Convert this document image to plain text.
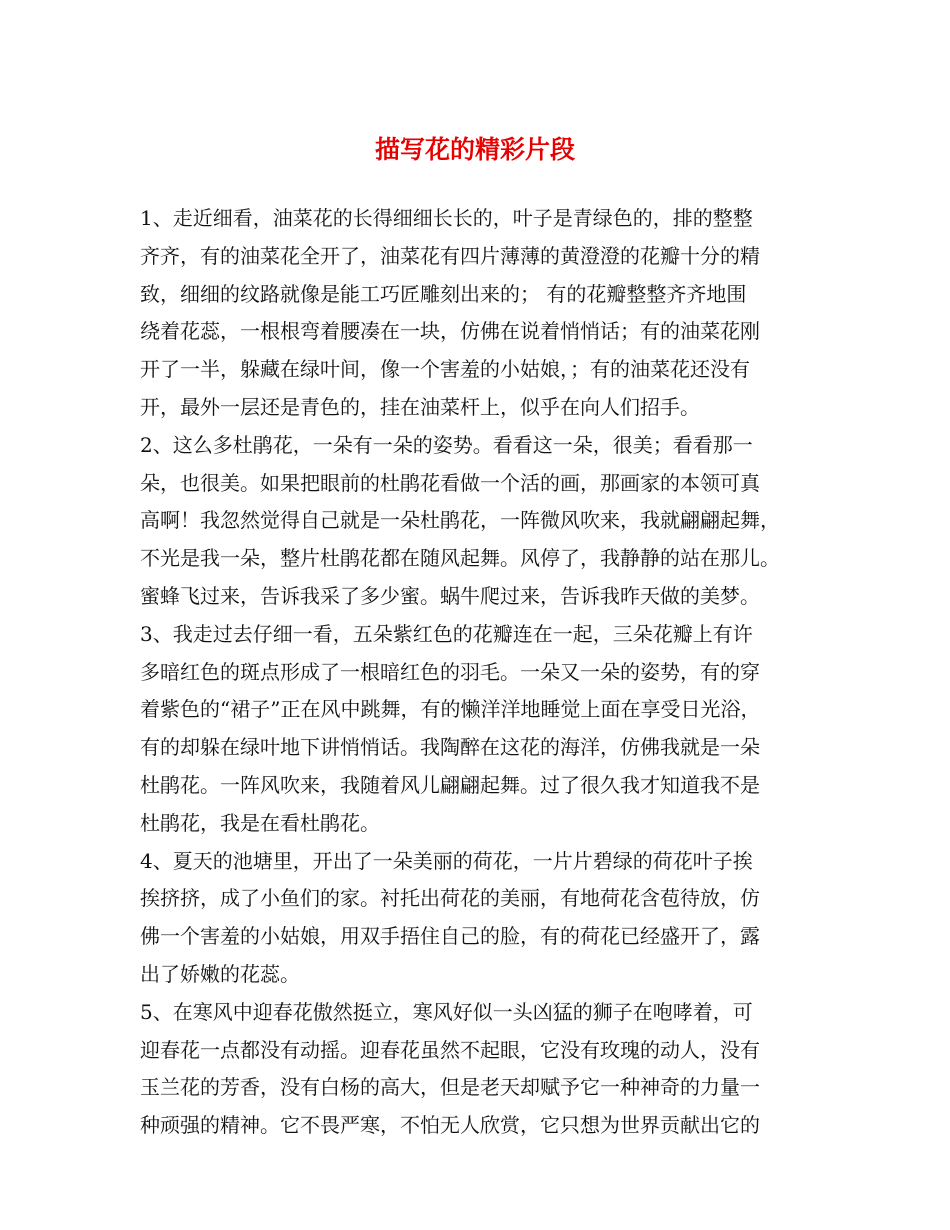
描写花的精彩片段
1、走近细看，油菜花的长得细细长长的，叶子是青绿色的，排的整整
齐齐，有的油菜花全开了，油菜花有四片薄薄的黄澄澄的花瓣十分的精
致，细细的纹路就像是能工巧匠雕刻出来的； 有的花瓣整整齐齐地围
绕着花蕊，一根根弯着腰凑在一块，仿佛在说着悄悄话；有的油菜花刚
开了一半，躲藏在绿叶间，像一个害羞的小姑娘，；有的油菜花还没有
开，最外一层还是青色的，挂在油菜杆上，似乎在向人们招手。
2、这么多杜鹃花，一朵有一朵的姿势。看看这一朵，很美；看看那一
朵，也很美。如果把眼前的杜鹃花看做一个活的画，那画家的本领可真
高啊！我忽然觉得自己就是一朵杜鹃花，一阵微风吹来，我就翩翩起舞，
不光是我一朵，整片杜鹃花都在随风起舞。风停了，我静静的站在那儿。
蜜蜂飞过来，告诉我采了多少蜜。蜗牛爬过来，告诉我昨天做的美梦。
3、我走过去仔细一看，五朵紫红色的花瓣连在一起，三朵花瓣上有许
多暗红色的斑点形成了一根暗红色的羽毛。一朵又一朵的姿势，有的穿
着紫色的“裙子”正在风中跳舞，有的懒洋洋地睡觉上面在享受日光浴，
有的却躲在绿叶地下讲悄悄话。我陶醉在这花的海洋，仿佛我就是一朵
杜鹃花。一阵风吹来，我随着风儿翩翩起舞。过了很久我才知道我不是
杜鹃花，我是在看杜鹃花。
4、夏天的池塘里，开出了一朵美丽的荷花，一片片碧绿的荷花叶子挨
挨挤挤，成了小鱼们的家。衬托出荷花的美丽，有地荷花含苞待放，仿
佛一个害羞的小姑娘，用双手捂住自己的脸，有的荷花已经盛开了，露
出了娇嫩的花蕊。
5、在寒风中迎春花傲然挺立，寒风好似一头凶猛的狮子在咆哮着，可
迎春花一点都没有动摇。迎春花虽然不起眼，它没有玫瑰的动人，没有
玉兰花的芳香，没有白杨的高大，但是老天却赋予它一种神奇的力量一
种顽强的精神。它不畏严寒，不怕无人欣赏，它只想为世界贡献出它的
